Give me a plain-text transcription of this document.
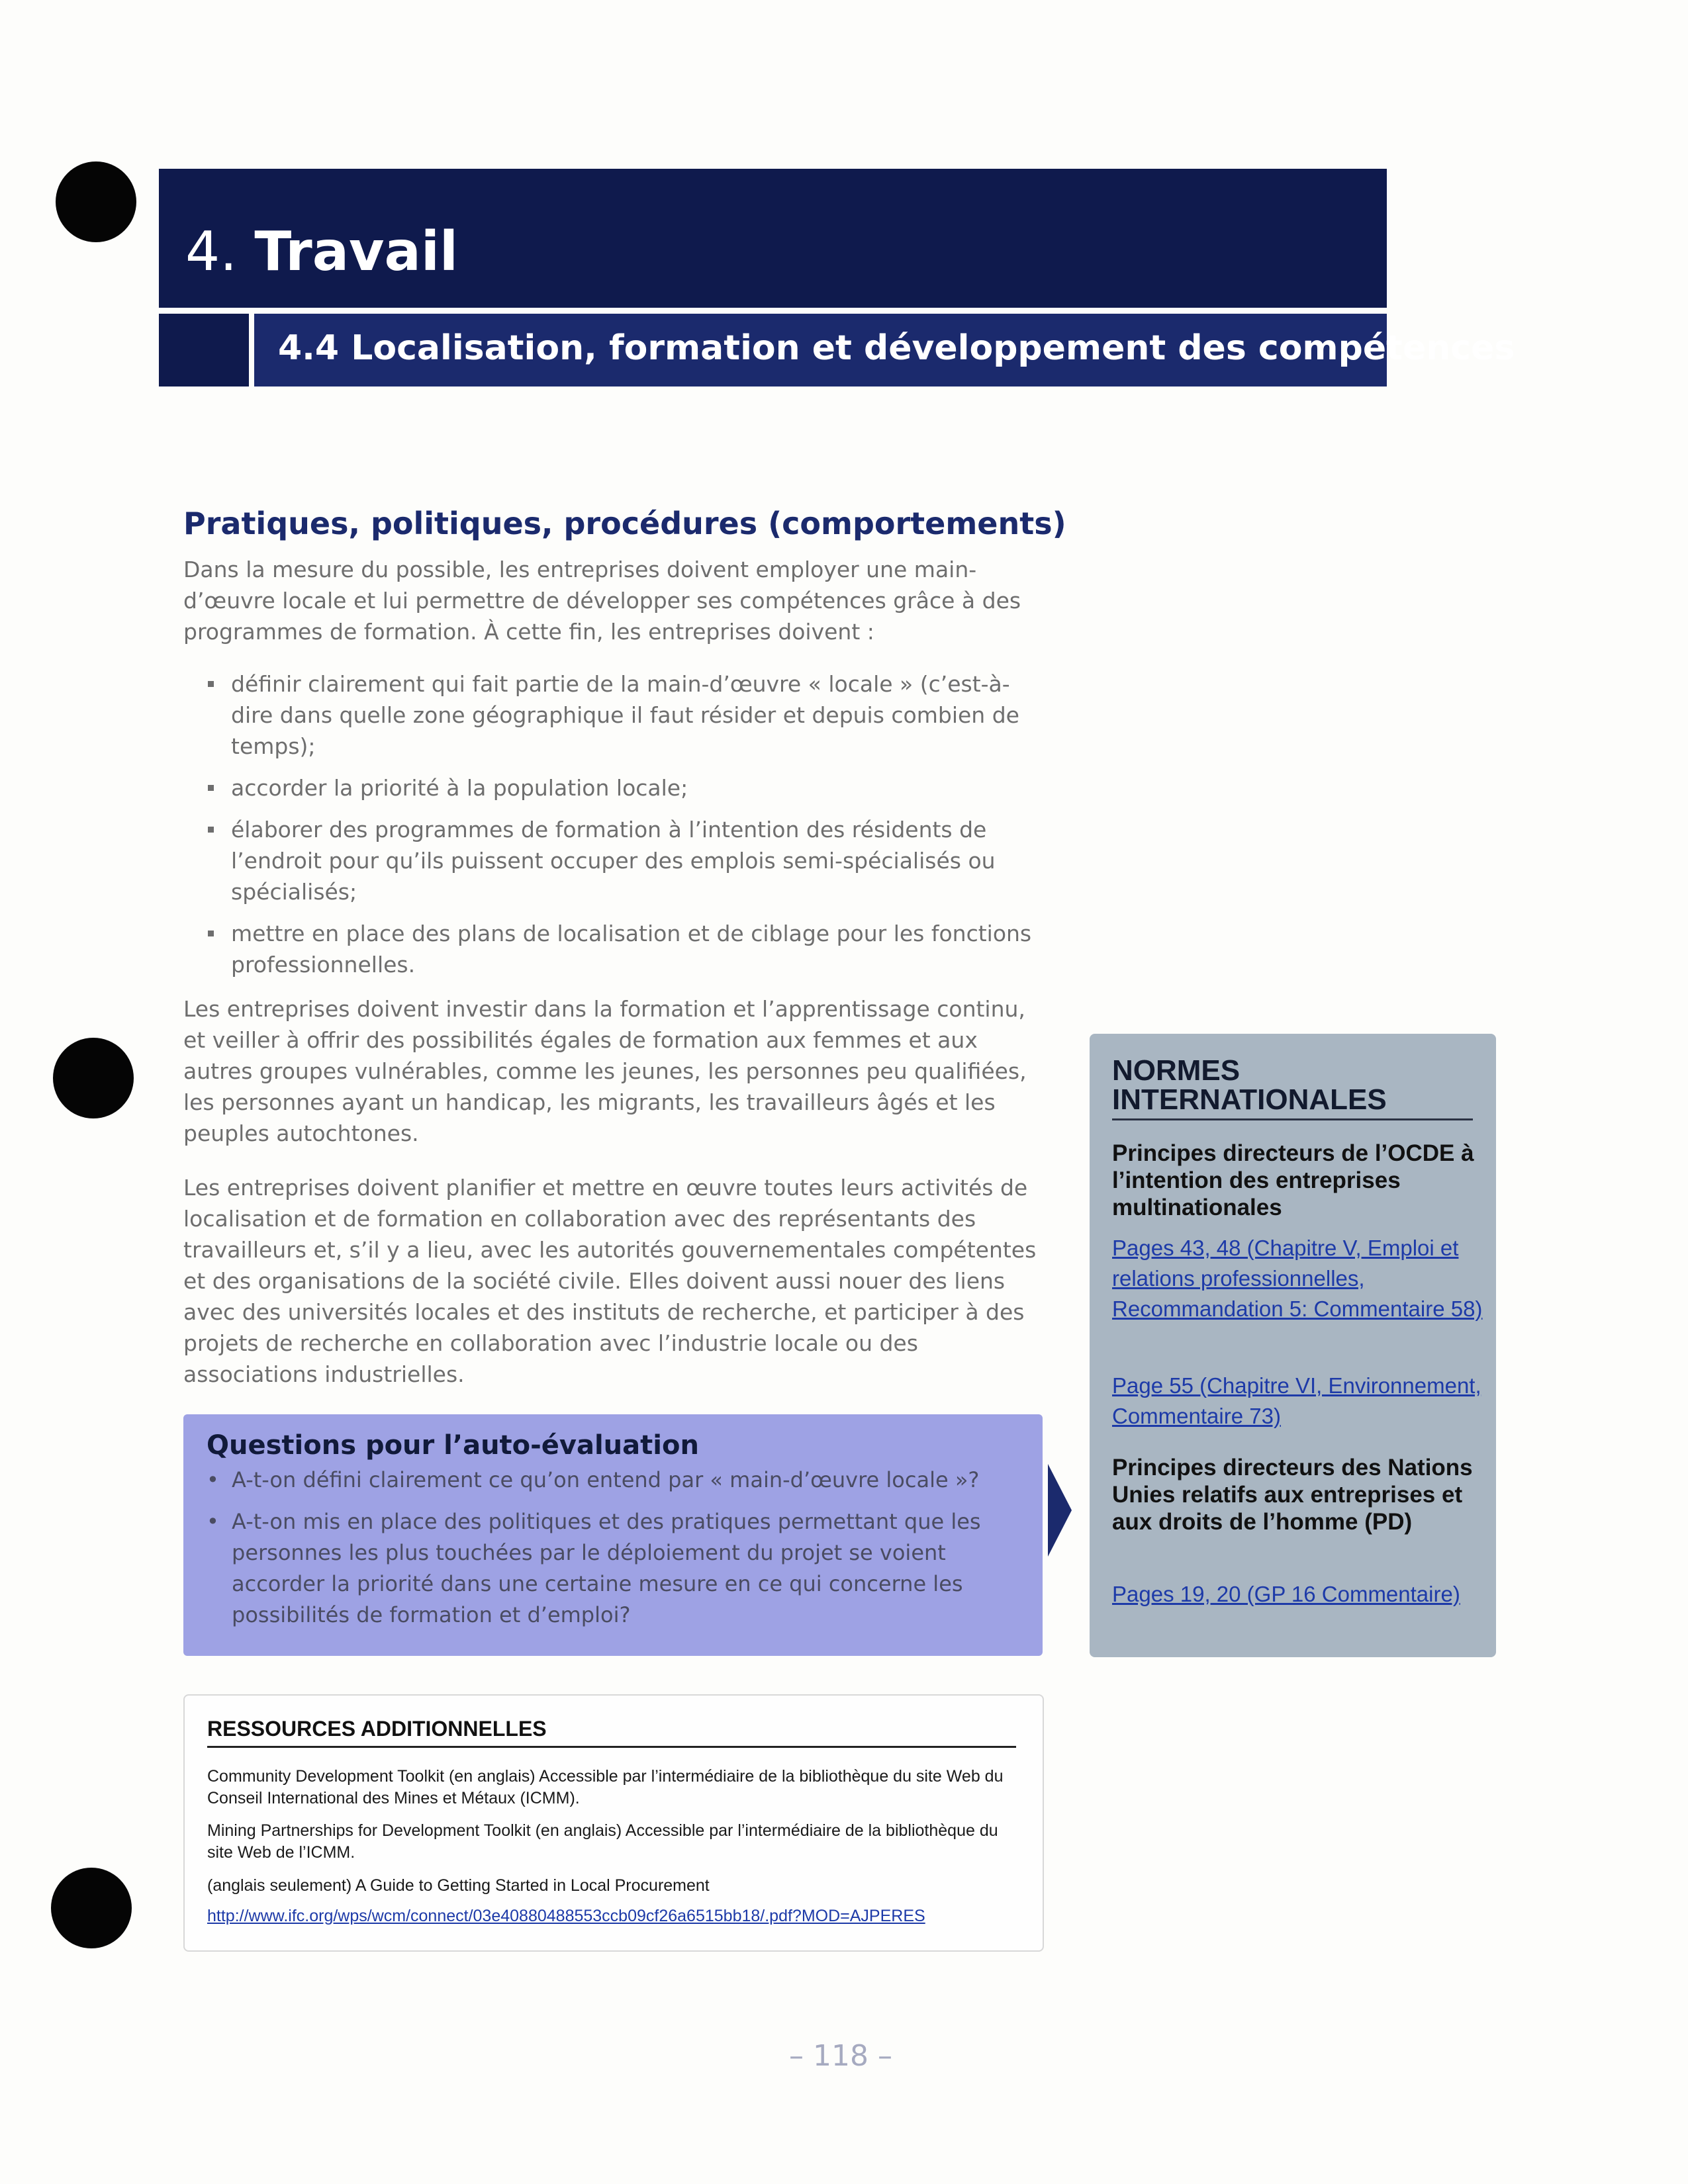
4. Travail
4.4 Localisation, formation et développement des compétences
Pratiques, politiques, procédures (comportements)

Dans la mesure du possible, les entreprises doivent employer une main-d’œuvre locale et lui permettre de développer ses compétences grâce à des programmes de formation. À cette fin, les entreprises doivent :

définir clairement qui fait partie de la main-d’œuvre « locale » (c’est-à-dire dans quelle zone géographique il faut résider et depuis combien de temps);
accorder la priorité à la population locale;
élaborer des programmes de formation à l’intention des résidents de l’endroit pour qu’ils puissent occuper des emplois semi-spécialisés ou spécialisés;
mettre en place des plans de localisation et de ciblage pour les fonctions professionnelles.

Les entreprises doivent investir dans la formation et l’apprentissage continu, et veiller à offrir des possibilités égales de formation aux femmes et aux autres groupes vulnérables, comme les jeunes, les personnes peu qualifiées, les personnes ayant un handicap, les migrants, les travailleurs âgés et les peuples autochtones.

Les entreprises doivent planifier et mettre en œuvre toutes leurs activités de localisation et de formation en collaboration avec des représentants des travailleurs et, s’il y a lieu, avec les autorités gouvernementales compétentes et des organisations de la société civile. Elles doivent aussi nouer des liens avec des universités locales et des instituts de recherche, et participer à des projets de recherche en collaboration avec l’industrie locale ou des associations industrielles.

Questions pour l’auto-évaluation
• A-t-on défini clairement ce qu’on entend par « main-d’œuvre locale »?
• A-t-on mis en place des politiques et des pratiques permettant que les personnes les plus touchées par le déploiement du projet se voient accorder la priorité dans une certaine mesure en ce qui concerne les possibilités de formation et d’emploi?
NORMES INTERNATIONALES

Principes directeurs de l’OCDE à l’intention des entreprises multinationales

Pages 43, 48 (Chapitre V, Emploi et relations professionnelles, Recommandation 5: Commentaire 58)

Page 55 (Chapitre VI, Environnement, Commentaire 73)

Principes directeurs des Nations Unies relatifs aux entreprises et aux droits de l’homme (PD)

Pages 19, 20 (GP 16 Commentaire)

RESSOURCES ADDITIONNELLES

Community Development Toolkit (en anglais) Accessible par l’intermédiaire de la bibliothèque du site Web du Conseil International des Mines et Métaux (ICMM).

Mining Partnerships for Development Toolkit (en anglais) Accessible par l’intermédiaire de la bibliothèque du site Web de l’ICMM.

(anglais seulement) A Guide to Getting Started in Local Procurement

http://www.ifc.org/wps/wcm/connect/03e40880488553ccb09cf26a6515bb18/.pdf?MOD=AJPERES

– 118 –
